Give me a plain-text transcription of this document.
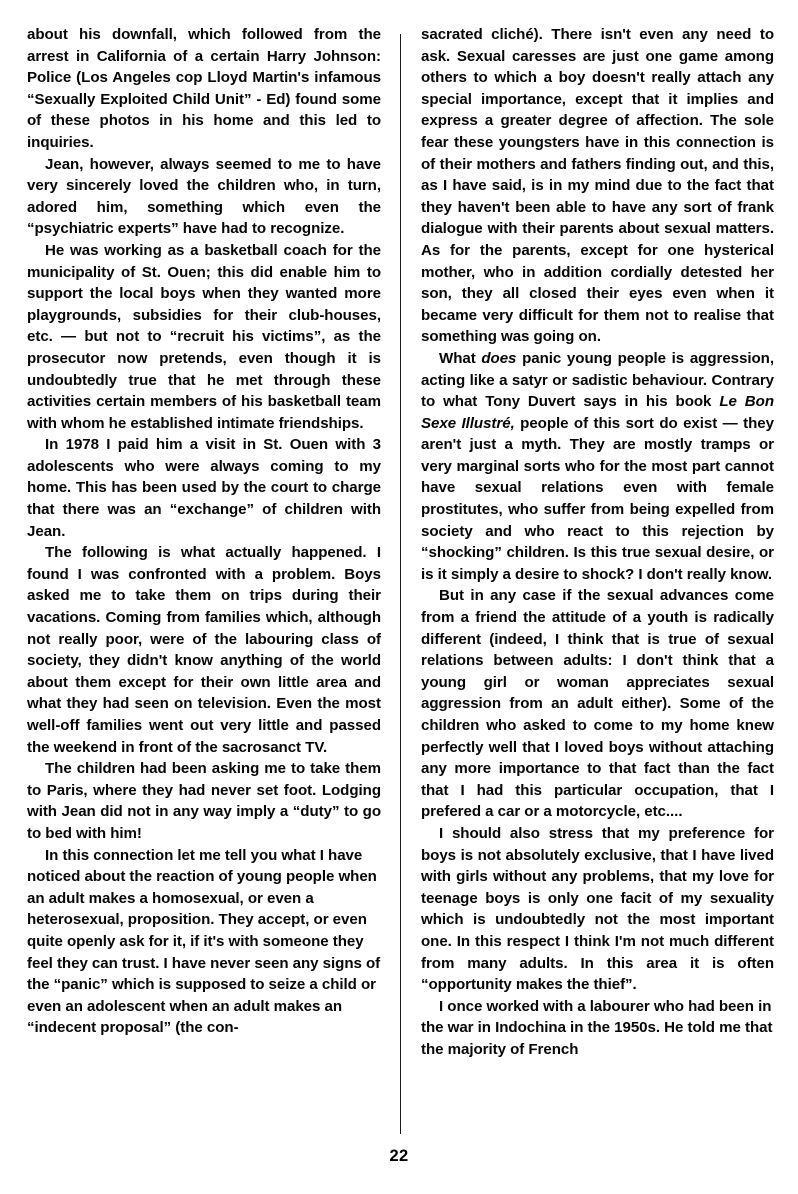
about his downfall, which followed from the arrest in California of a certain Harry Johnson: Police (Los Angeles cop Lloyd Martin's infamous “Sexually Exploited Child Unit” - Ed) found some of these photos in his home and this led to inquiries.

Jean, however, always seemed to me to have very sincerely loved the children who, in turn, adored him, something which even the “psychiatric experts” have had to recognize.

He was working as a basketball coach for the municipality of St. Ouen; this did enable him to support the local boys when they wanted more playgrounds, subsidies for their club-houses, etc. — but not to “recruit his victims”, as the prosecutor now pretends, even though it is undoubtedly true that he met through these activities certain members of his basketball team with whom he established intimate friendships.

In 1978 I paid him a visit in St. Ouen with 3 adolescents who were always coming to my home. This has been used by the court to charge that there was an “exchange” of children with Jean.

The following is what actually happened. I found I was confronted with a problem. Boys asked me to take them on trips during their vacations. Coming from families which, although not really poor, were of the labouring class of society, they didn't know anything of the world about them except for their own little area and what they had seen on television. Even the most well-off families went out very little and passed the weekend in front of the sacrosanct TV.

The children had been asking me to take them to Paris, where they had never set foot. Lodging with Jean did not in any way imply a “duty” to go to bed with him!

In this connection let me tell you what I have noticed about the reaction of young people when an adult makes a homosexual, or even a heterosexual, proposition. They accept, or even quite openly ask for it, if it's with someone they feel they can trust. I have never seen any signs of the “panic” which is supposed to seize a child or even an adolescent when an adult makes an “indecent proposal” (the con-

sacrated cliché). There isn't even any need to ask. Sexual caresses are just one game among others to which a boy doesn't really attach any special importance, except that it implies and express a greater degree of affection. The sole fear these youngsters have in this connection is of their mothers and fathers finding out, and this, as I have said, is in my mind due to the fact that they haven't been able to have any sort of frank dialogue with their parents about sexual matters. As for the parents, except for one hysterical mother, who in addition cordially detested her son, they all closed their eyes even when it became very difficult for them not to realise that something was going on.

What does panic young people is aggression, acting like a satyr or sadistic behaviour. Contrary to what Tony Duvert says in his book Le Bon Sexe Illustré, people of this sort do exist — they aren't just a myth. They are mostly tramps or very marginal sorts who for the most part cannot have sexual relations even with female prostitutes, who suffer from being expelled from society and who react to this rejection by “shocking” children. Is this true sexual desire, or is it simply a desire to shock? I don't really know.

But in any case if the sexual advances come from a friend the attitude of a youth is radically different (indeed, I think that is true of sexual relations between adults: I don't think that a young girl or woman appreciates sexual aggression from an adult either). Some of the children who asked to come to my home knew perfectly well that I loved boys without attaching any more importance to that fact than the fact that I had this particular occupation, that I prefered a car or a motorcycle, etc....

I should also stress that my preference for boys is not absolutely exclusive, that I have lived with girls without any problems, that my love for teenage boys is only one facit of my sexuality which is undoubtedly not the most important one. In this respect I think I'm not much different from many adults. In this area it is often “opportunity makes the thief”.

I once worked with a labourer who had been in the war in Indochina in the 1950s. He told me that the majority of French

22
